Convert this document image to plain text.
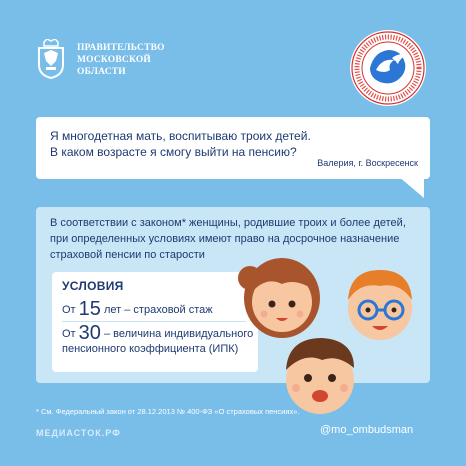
ПРАВИТЕЛЬСТВО
МОСКОВСКОЙ
ОБЛАСТИ
Я многодетная мать, воспитываю троих детей.
В каком возрасте я смогу выйти на пенсию?
Валерия, г. Воскресенск
В соответствии с законом* женщины, родившие троих и более детей,
при определенных условиях имеют право на досрочное назначение
страховой пенсии по старости
УСЛОВИЯ
От 15 лет – страховой стаж
От 30 – величина индивидуального
пенсионного коэффициента (ИПК)
* См. Федеральный закон от 28.12.2013 № 400-ФЗ «О страховых пенсиях».
МЕДИАСТОК.РФ	@mo_ombudsman
